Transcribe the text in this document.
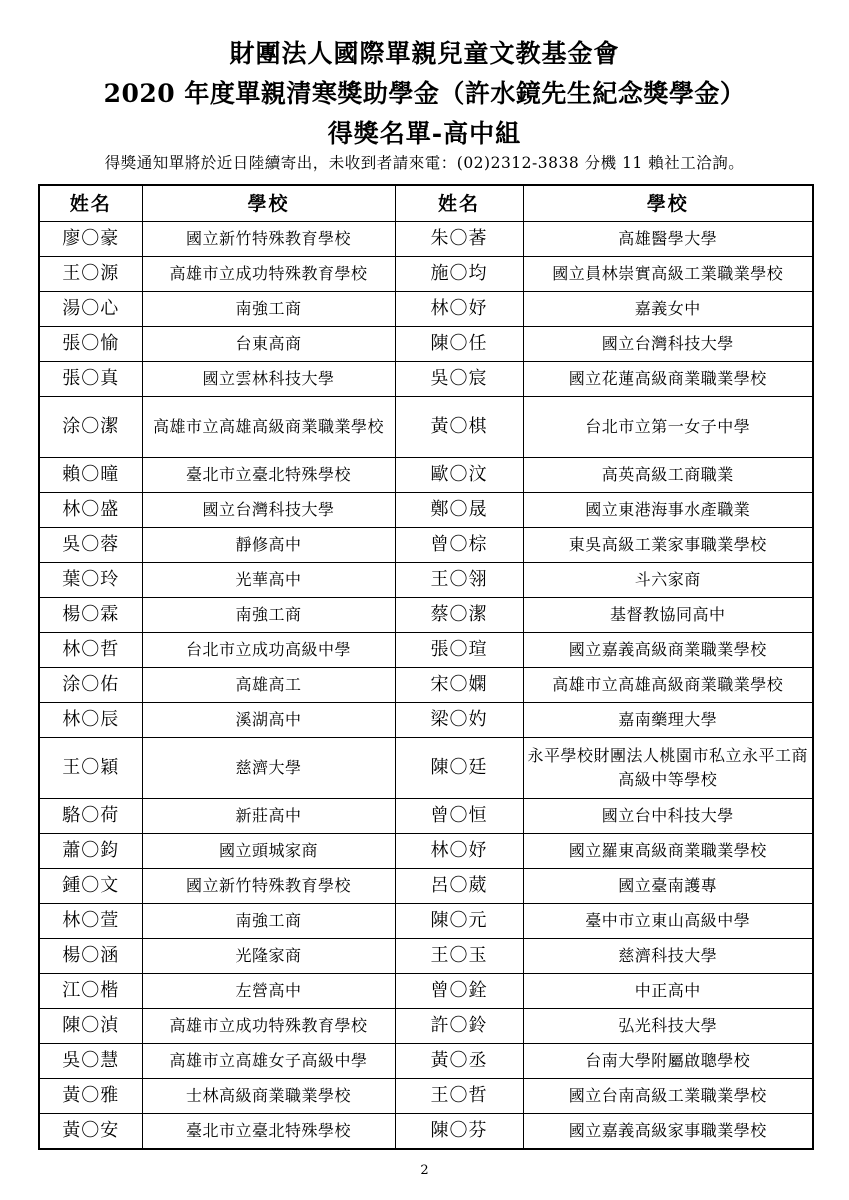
財團法人國際單親兒童文教基金會
2020 年度單親清寒獎助學金（許水鏡先生紀念獎學金）
得獎名單-高中組
得獎通知單將於近日陸續寄出，未收到者請來電：(02)2312-3838 分機 11 賴社工洽詢。
姓名	學校	姓名	學校
廖〇豪	國立新竹特殊教育學校	朱〇萫	高雄醫學大學
王〇源	高雄市立成功特殊教育學校	施〇均	國立員林崇實高級工業職業學校
湯〇心	南強工商	林〇妤	嘉義女中
張〇愉	台東高商	陳〇任	國立台灣科技大學
張〇真	國立雲林科技大學	吳〇宸	國立花蓮高級商業職業學校
涂〇潔	高雄市立高雄高級商業職業學校	黃〇棋	台北市立第一女子中學
賴〇曈	臺北市立臺北特殊學校	歐〇汶	高英高級工商職業
林〇盛	國立台灣科技大學	鄭〇晟	國立東港海事水產職業
吳〇蓉	靜修高中	曾〇棕	東吳高級工業家事職業學校
葉〇玲	光華高中	王〇翎	斗六家商
楊〇霖	南強工商	蔡〇潔	基督教協同高中
林〇哲	台北市立成功高級中學	張〇瑄	國立嘉義高級商業職業學校
涂〇佑	高雄高工	宋〇嫻	高雄市立高雄高級商業職業學校
林〇辰	溪湖高中	梁〇妁	嘉南藥理大學
王〇穎	慈濟大學	陳〇廷	永平學校財團法人桃園市私立永平工商高級中等學校
駱〇荷	新莊高中	曾〇恒	國立台中科技大學
蕭〇鈞	國立頭城家商	林〇妤	國立羅東高級商業職業學校
鍾〇文	國立新竹特殊教育學校	呂〇葳	國立臺南護專
林〇萱	南強工商	陳〇元	臺中市立東山高級中學
楊〇涵	光隆家商	王〇玉	慈濟科技大學
江〇楷	左營高中	曾〇銓	中正高中
陳〇湞	高雄市立成功特殊教育學校	許〇鈴	弘光科技大學
吳〇慧	高雄市立高雄女子高級中學	黃〇丞	台南大學附屬啟聰學校
黃〇雅	士林高級商業職業學校	王〇哲	國立台南高級工業職業學校
黃〇安	臺北市立臺北特殊學校	陳〇芬	國立嘉義高級家事職業學校
2
